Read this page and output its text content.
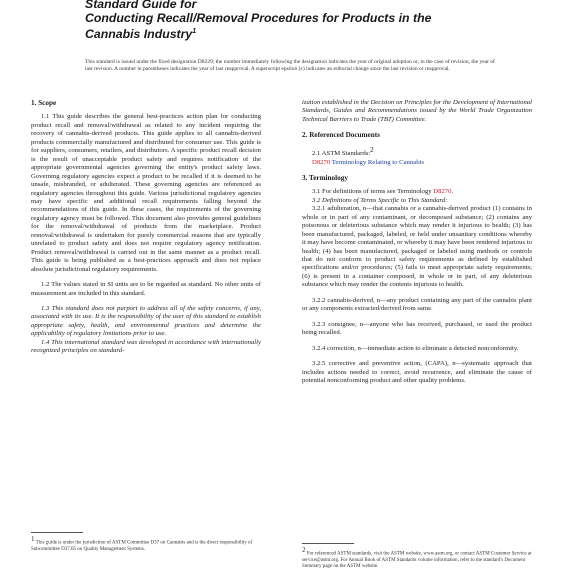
Standard Guide for
Conducting Recall/Removal Procedures for Products in the
Cannabis Industry$^1$
This standard is issued under the fixed designation D8229; the number immediately following the designation indicates the year of original adoption or, in the case of revision, the year of last revision. A number in parentheses indicates the year of last reapproval. A superscript epsilon (ε) indicates an editorial change since the last revision or reapproval.

1. Scope

1.1 This guide describes the general best-practices action plan for conducting product recall and removal/withdrawal as related to any incident requiring the recovery of cannabis-derived products. This guide applies to all cannabis-derived products commercially manufactured and distributed for consumer use. This guide is for suppliers, consumers, retailers, and distributors. A specific product recall decision is the result of unacceptable product safety and requires notification of the appropriate governmental agencies governing the entity's product safety laws. Governing regulatory agencies expect a product to be recalled if it is deemed to be unsafe, misbranded, or adulterated. These governing agencies are referenced as regulatory agencies throughout this guide. Various jurisdictional regulatory agencies may have specific and additional recall requirements falling beyond the recommendations of this guide. In these cases, the requirements of the governing regulatory agency must be followed. This document also provides general guidelines for the removal/withdrawal of products from the marketplace. Product removal/withdrawal is undertaken for purely commercial reasons that are typically unrelated to product safety and does not require regulatory agency notification. Product removal/withdrawal is carried out in the same manner as a product recall. This guide is being published as a best-practices approach and does not replace absolute jurisdictional regulatory requirements.

1.2 The values stated in SI units are to be regarded as standard. No other units of measurement are included in this standard.

1.3 This standard does not purport to address all of the safety concerns, if any, associated with its use. It is the responsibility of the user of this standard to establish appropriate safety, health, and environmental practices and determine the applicability of regulatory limitations prior to use.

1.4 This international standard was developed in accordance with internationally recognized principles on standard-

1 This guide is under the jurisdiction of ASTM Committee D37 on Cannabis and is the direct responsibility of Subcommittee D37.05 on Quality Management Systems.

ization established in the Decision on Principles for the Development of International Standards, Guides and Recommendations issued by the World Trade Organization Technical Barriers to Trade (TBT) Committee.

2. Referenced Documents

2.1 ASTM Standards:2

D8270 Terminology Relating to Cannabis

3. Terminology

3.1 For definitions of terms see Terminology D8270.

3.2 Definitions of Terms Specific to This Standard:

3.2.1 adulteration, n—that cannabis or a cannabis-derived product (1) contains in whole or in part of any contaminant, or decomposed substance; (2) contains any poisonous or deleterious substance which may render it injurious to health; (3) has been manufactured, packaged, labeled, or held under unsanitary conditions whereby it may have become contaminated, or whereby it may have been rendered injurious to health; (4) has been manufactured, packaged or labeled using methods or controls that do not conform to product safety requirements as defined by established specifications and/or procedures; (5) fails to meet appropriate safety requirements; (6) is present in a container composed, in whole or in part, of any deleterious substance which may render the contents injurious to health.

3.2.2 cannabis-derived, n—any product containing any part of the cannabis plant or any components extracted/derived from same.

3.2.3 consignee, n—anyone who has received, purchased, or used the product being recalled.

3.2.4 correction, n—immediate action to eliminate a detected nonconformity.

3.2.5 corrective and preventive action, (CAPA), n—systematic approach that includes actions needed to correct, avoid recurrence, and eliminate the cause of potential nonconforming product and other quality problems.

2 For referenced ASTM standards, visit the ASTM website, www.astm.org, or contact ASTM Customer Service at service@astm.org. For Annual Book of ASTM Standards volume information, refer to the standard's Document Summary page on the ASTM website.
